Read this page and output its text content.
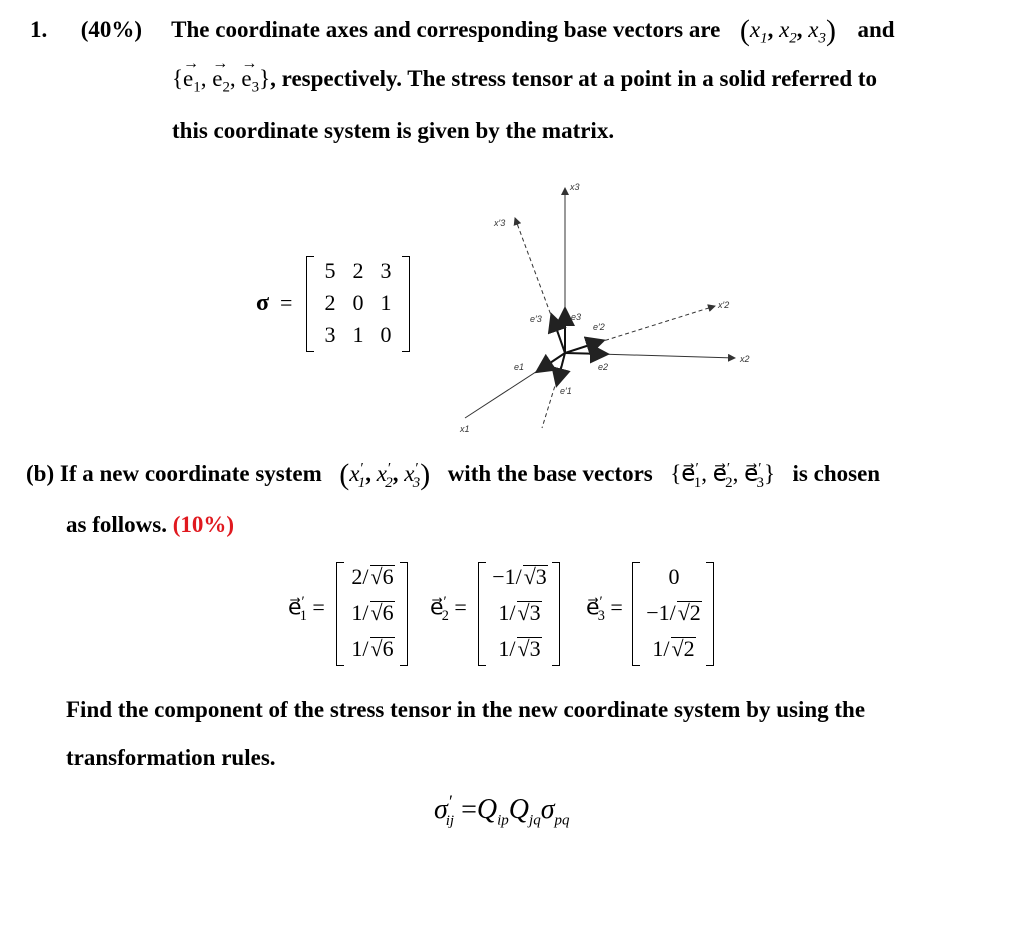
1. (40%) The coordinate axes and corresponding base vectors are ($x_1$, $x_2$, $x_3$) and
{e
→
$_1$, e
→
$_2$, e
→
$_3$}, respectively. The stress tensor at a point in a solid referred to
this coordinate system is given by the matrix.
σ =
5 2 3
2 0 1
3 1 0
x3
x′3
x2
x′2
x1
e′3	e3
e′2
e2
e1
e′1
(b) If a new coordinate system ($x'_1$, $x'_2$, $x'_3$) with the base vectors {$e⃗'_1$, $e⃗'_2$, $e⃗'_3$} is chosen
as follows. (10%)
$e⃗'_1$ =
2/√6
1/√6
1/√6
$e⃗'_2$ =
−1/√3
1/√3
1/√3
$e⃗'_3$ =
0
−1/√2
1/√2
Find the component of the stress tensor in the new coordinate system by using the
transformation rules.
$\sigma'_{ij} =Q_{ip}Q_{jq}\sigma_{pq}$
